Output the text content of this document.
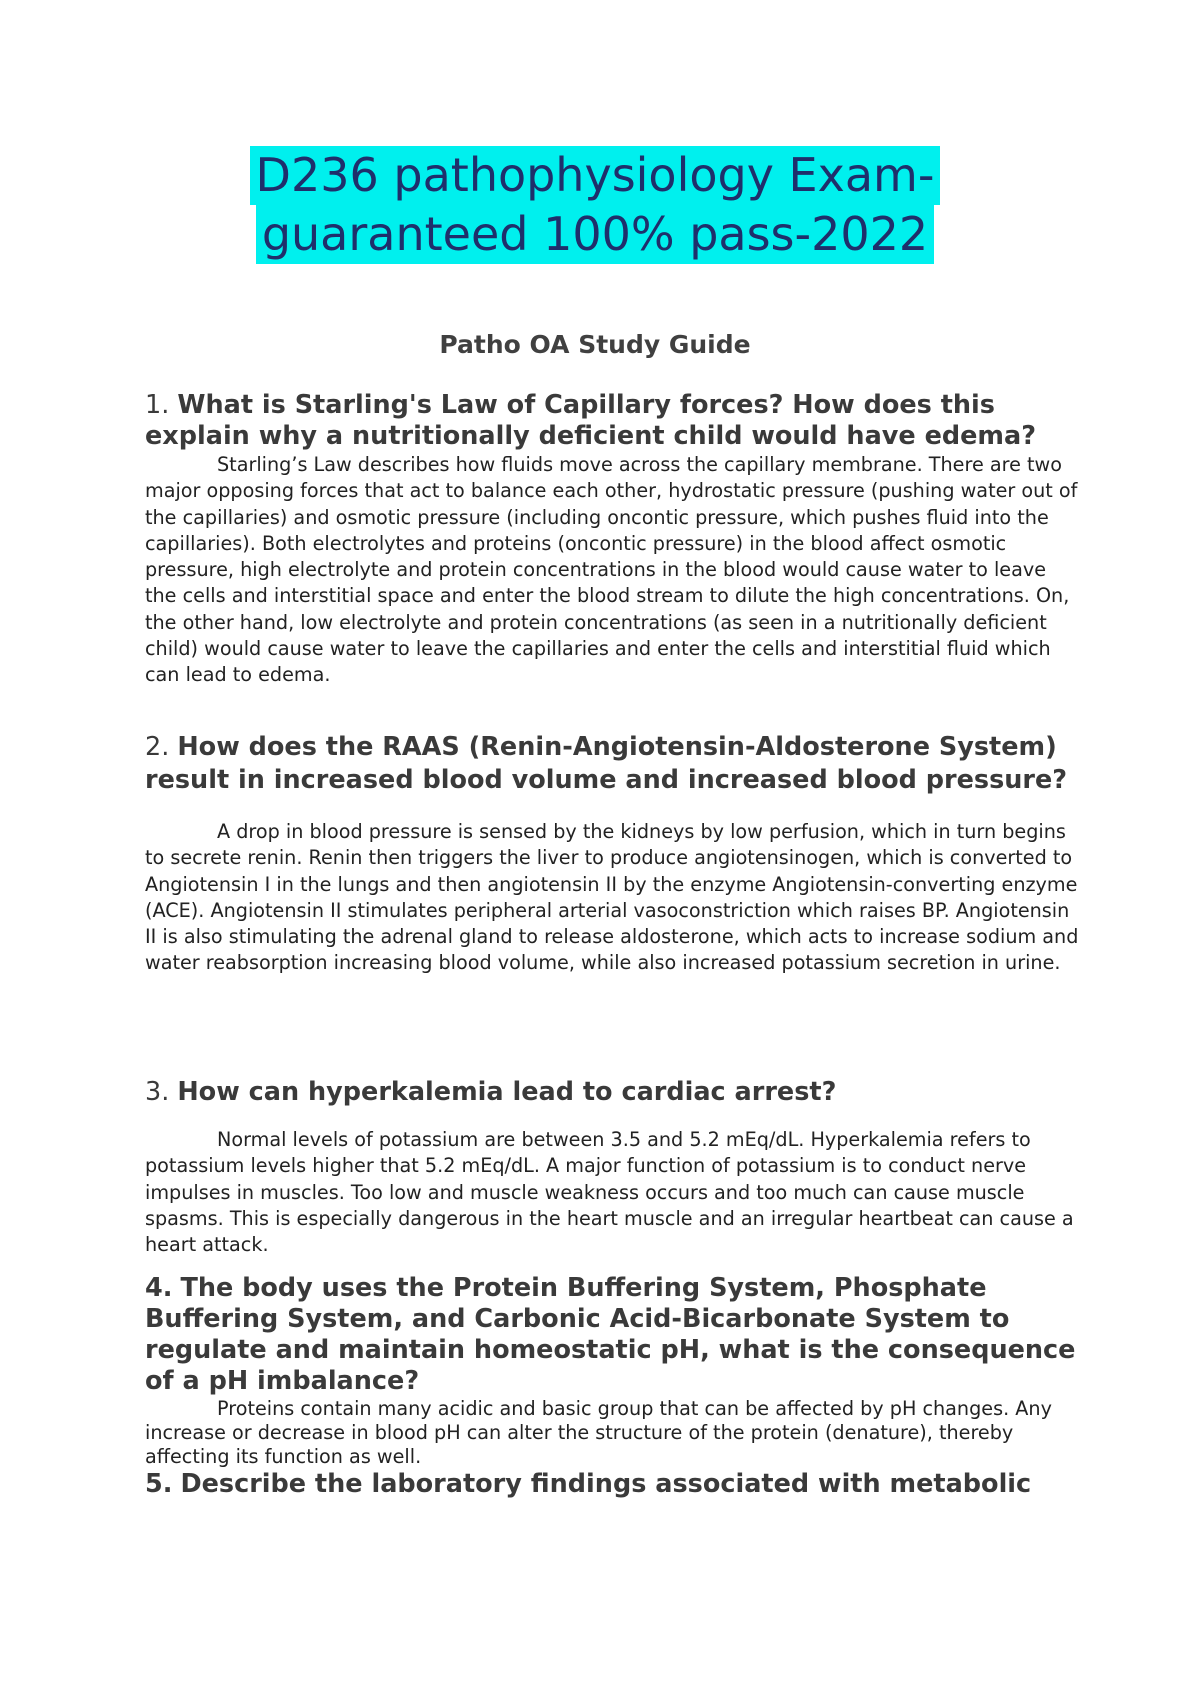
D236 pathophysiology Exam-
guaranteed 100% pass-2022
Patho OA Study Guide

1. What is Starling's Law of Capillary forces? How does this explain why a nutritionally deficient child would have edema?

Starling’s Law describes how fluids move across the capillary membrane. There are two major opposing forces that act to balance each other, hydrostatic pressure (pushing water out of the capillaries) and osmotic pressure (including oncontic pressure, which pushes fluid into the capillaries). Both electrolytes and proteins (oncontic pressure) in the blood affect osmotic pressure, high electrolyte and protein concentrations in the blood would cause water to leave the cells and interstitial space and enter the blood stream to dilute the high concentrations. On, the other hand, low electrolyte and protein concentrations (as seen in a nutritionally deficient child) would cause water to leave the capillaries and enter the cells and interstitial fluid which can lead to edema.

2. How does the RAAS (Renin-Angiotensin-Aldosterone System) result in increased blood volume and increased blood pressure?

A drop in blood pressure is sensed by the kidneys by low perfusion, which in turn begins to secrete renin. Renin then triggers the liver to produce angiotensinogen, which is converted to Angiotensin I in the lungs and then angiotensin II by the enzyme Angiotensin-converting enzyme (ACE). Angiotensin II stimulates peripheral arterial vasoconstriction which raises BP. Angiotensin II is also stimulating the adrenal gland to release aldosterone, which acts to increase sodium and water reabsorption increasing blood volume, while also increased potassium secretion in urine.

3. How can hyperkalemia lead to cardiac arrest?

Normal levels of potassium are between 3.5 and 5.2 mEq/dL. Hyperkalemia refers to potassium levels higher that 5.2 mEq/dL. A major function of potassium is to conduct nerve impulses in muscles. Too low and muscle weakness occurs and too much can cause muscle spasms. This is especially dangerous in the heart muscle and an irregular heartbeat can cause a heart attack.

4. The body uses the Protein Buffering System, Phosphate Buffering System, and Carbonic Acid-Bicarbonate System to regulate and maintain homeostatic pH, what is the consequence of a pH imbalance?

Proteins contain many acidic and basic group that can be affected by pH changes. Any increase or decrease in blood pH can alter the structure of the protein (denature), thereby affecting its function as well.

5. Describe the laboratory findings associated with metabolic
